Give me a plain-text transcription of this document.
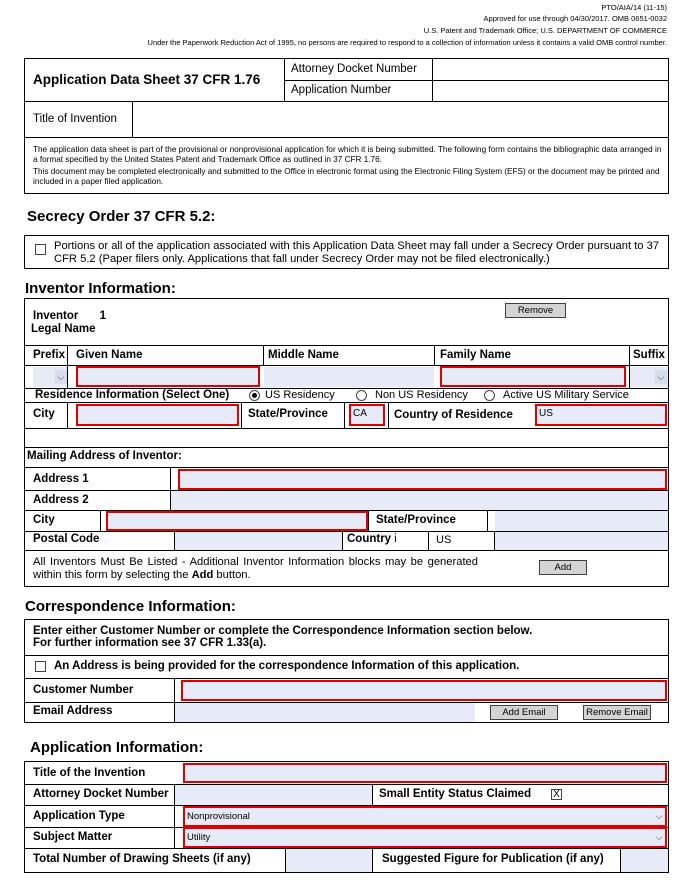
PTO/AIA/14 (11-15)
Approved for use through 04/30/2017. OMB 0651-0032
U.S. Patent and Trademark Office; U.S. DEPARTMENT OF COMMERCE
Under the Paperwork Reduction Act of 1995, no persons are required to respond to a collection of information unless it contains a valid OMB control number.
Application Data Sheet 37 CFR 1.76
Attorney Docket Number
Application Number
Title of Invention
The application data sheet is part of the provisional or nonprovisional application for which it is being submitted. The following form contains the bibliographic data arranged in a format specified by the United States Patent and Trademark Office as outlined in 37 CFR 1.76.
This document may be completed electronically and submitted to the Office in electronic format using the Electronic Filing System (EFS) or the document may be printed and included in a paper filed application.
Secrecy Order 37 CFR 5.2:
Portions or all of the application associated with this Application Data Sheet may fall under a Secrecy Order pursuant to 37 CFR 5.2 (Paper filers only. Applications that fall under Secrecy Order may not be filed electronically.)
Inventor Information:
Inventor 1	Remove
Legal Name
Prefix Given Name	Middle Name	Family Name	Suffix
⌵	⌵
Residence Information (Select One)	US Residency	Non US Residency	Active US Military Service
City	State/Province	CA	Country of Residence	US
Mailing Address of Inventor:
Address 1
Address 2
City	State/Province
Postal Code	Country i	US
All Inventors Must Be Listed - Additional Inventor Information blocks may be generated within this form by selecting the Add button.
Add
Correspondence Information:
Enter either Customer Number or complete the Correspondence Information section below.
For further information see 37 CFR 1.33(a).
An Address is being provided for the correspondence Information of this application.
Customer Number
Email Address	Add Email	Remove Email
Application Information:
Title of the Invention
Attorney Docket Number	Small Entity Status Claimed X
Application Type	Nonprovisional	⌵
Subject Matter	Utility	⌵
Total Number of Drawing Sheets (if any)	Suggested Figure for Publication (if any)
